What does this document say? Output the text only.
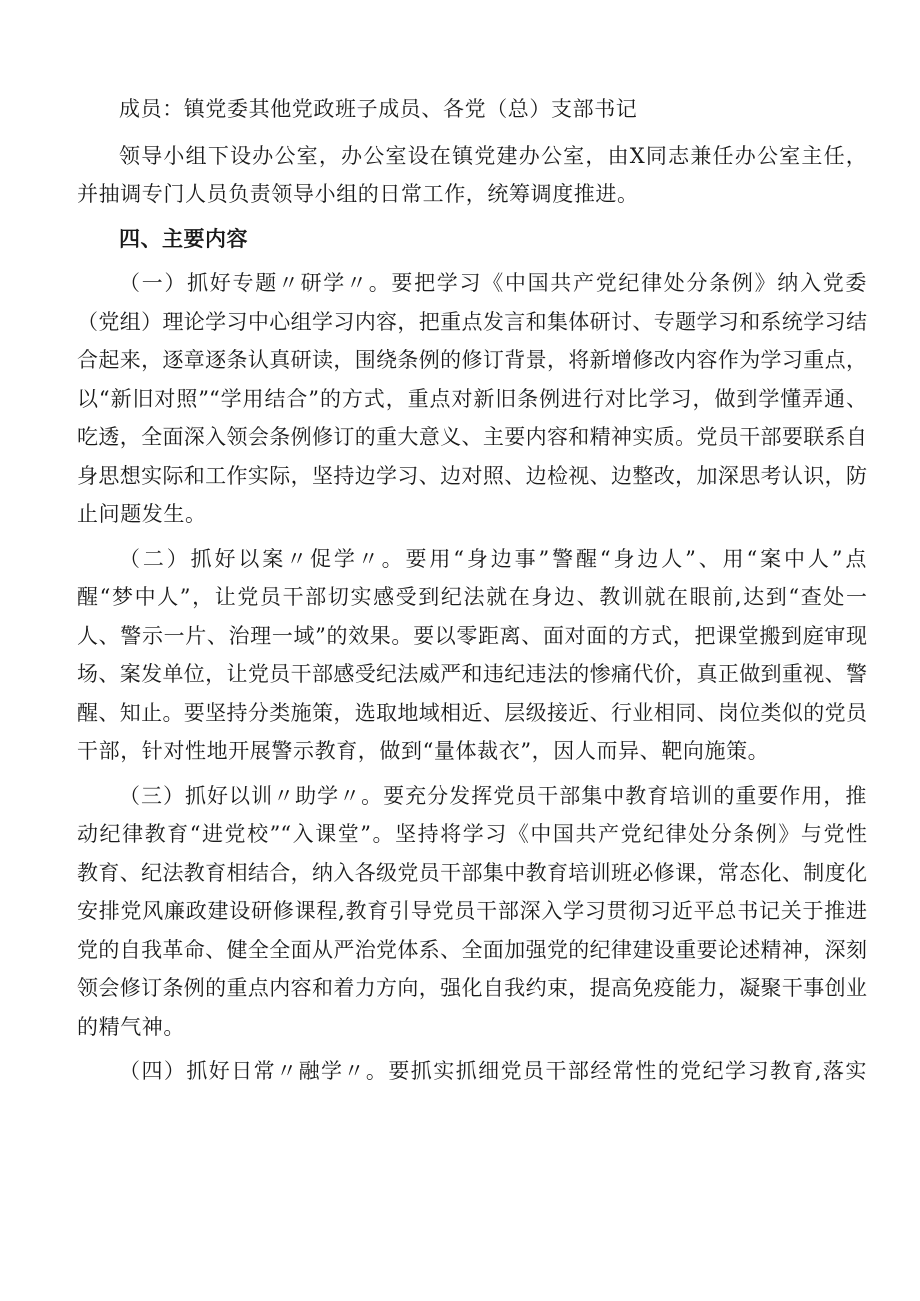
成员：镇党委其他党政班子成员、各党（总）支部书记

领导小组下设办公室，办公室设在镇党建办公室，由X同志兼任办公室主任，
并抽调专门人员负责领导小组的日常工作，统筹调度推进。

四、主要内容

（一）抓好专题〃研学〃。要把学习《中国共产党纪律处分条例》纳入党委
（党组）理论学习中心组学习内容，把重点发言和集体研讨、专题学习和系统学习结
合起来，逐章逐条认真研读，围绕条例的修订背景，将新增修改内容作为学习重点，
以“新旧对照”“学用结合”的方式，重点对新旧条例进行对比学习，做到学懂弄通、
吃透，全面深入领会条例修订的重大意义、主要内容和精神实质。党员干部要联系自
身思想实际和工作实际，坚持边学习、边对照、边检视、边整改，加深思考认识，防
止问题发生。

（二）抓好以案〃促学〃。要用“身边事”警醒“身边人”、用“案中人”点
醒“梦中人”，让党员干部切实感受到纪法就在身边、教训就在眼前,达到“查处一
人、警示一片、治理一域”的效果。要以零距离、面对面的方式，把课堂搬到庭审现
场、案发单位，让党员干部感受纪法威严和违纪违法的惨痛代价，真正做到重视、警
醒、知止。要坚持分类施策，选取地域相近、层级接近、行业相同、岗位类似的党员
干部，针对性地开展警示教育，做到“量体裁衣”，因人而异、靶向施策。

（三）抓好以训〃助学〃。要充分发挥党员干部集中教育培训的重要作用，推
动纪律教育“进党校”“入课堂”。坚持将学习《中国共产党纪律处分条例》与党性
教育、纪法教育相结合，纳入各级党员干部集中教育培训班必修课，常态化、制度化
安排党风廉政建设研修课程,教育引导党员干部深入学习贯彻习近平总书记关于推进
党的自我革命、健全全面从严治党体系、全面加强党的纪律建设重要论述精神，深刻
领会修订条例的重点内容和着力方向，强化自我约束，提高免疫能力，凝聚干事创业
的精气神。

（四）抓好日常〃融学〃。要抓实抓细党员干部经常性的党纪学习教育,落实
